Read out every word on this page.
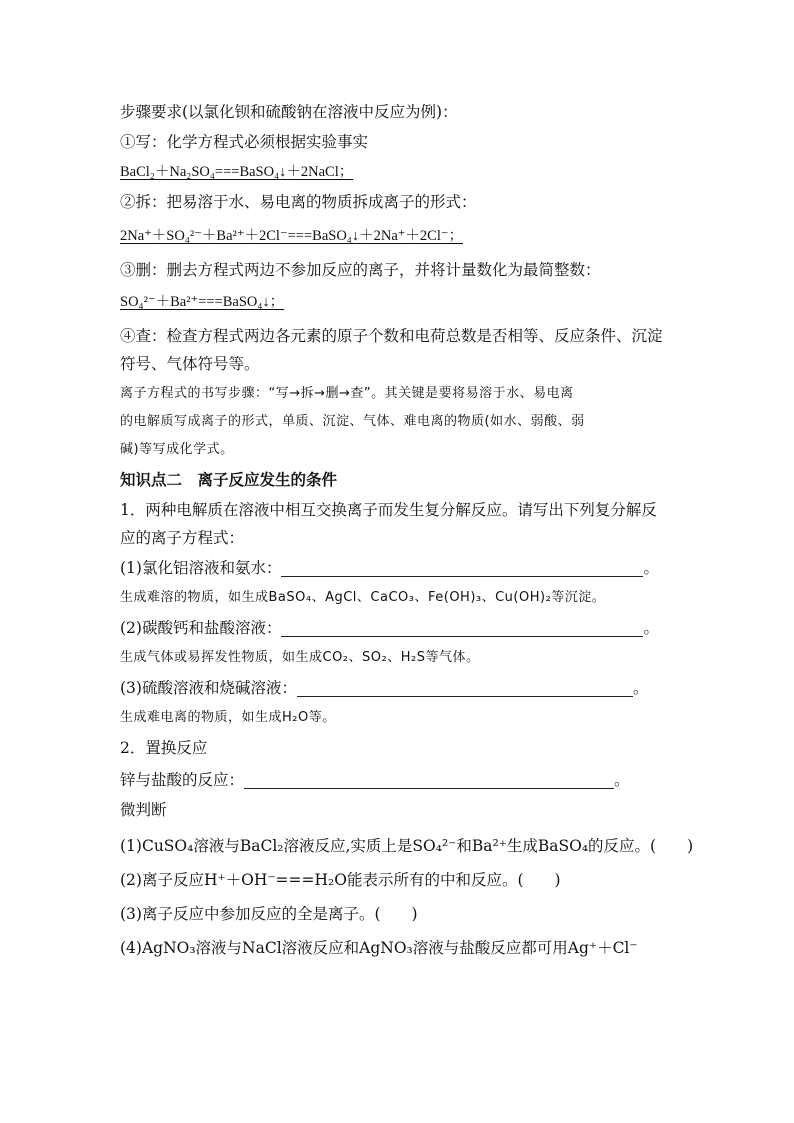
步骤要求(以氯化钡和硫酸钠在溶液中反应为例)：

①写：化学方程式必须根据实验事实

BaCl₂＋Na₂SO₄===BaSO₄↓＋2NaCl；

②拆：把易溶于水、易电离的物质拆成离子的形式：

2Na⁺＋SO₄²⁻＋Ba²⁺＋2Cl⁻===BaSO₄↓＋2Na⁺＋2Cl⁻；

③删：删去方程式两边不参加反应的离子，并将计量数化为最简整数：

SO₄²⁻＋Ba²⁺===BaSO₄↓；

④查：检查方程式两边各元素的原子个数和电荷总数是否相等、反应条件、沉淀

符号、气体符号等。

离子方程式的书写步骤：“写→拆→删→查”。其关键是要将易溶于水、易电离

的电解质写成离子的形式，单质、沉淀、气体、难电离的物质(如水、弱酸、弱

碱)等写成化学式。

知识点二　离子反应发生的条件

1．两种电解质在溶液中相互交换离子而发生复分解反应。请写出下列复分解反

应的离子方程式：

(1)氯化铝溶液和氨水：	。

生成难溶的物质，如生成BaSO₄、AgCl、CaCO₃、Fe(OH)₃、Cu(OH)₂等沉淀。

(2)碳酸钙和盐酸溶液：	。

生成气体或易挥发性物质，如生成CO₂、SO₂、H₂S等气体。

(3)硫酸溶液和烧碱溶液：	。

生成难电离的物质，如生成H₂O等。

2．置换反应

锌与盐酸的反应：	。

微判断

(1)CuSO₄溶液与BaCl₂溶液反应,实质上是SO₄²⁻和Ba²⁺生成BaSO₄的反应。(　　)

(2)离子反应H⁺＋OH⁻===H₂O能表示所有的中和反应。(　　)

(3)离子反应中参加反应的全是离子。(　　)

(4)AgNO₃溶液与NaCl溶液反应和AgNO₃溶液与盐酸反应都可用Ag⁺＋Cl⁻
